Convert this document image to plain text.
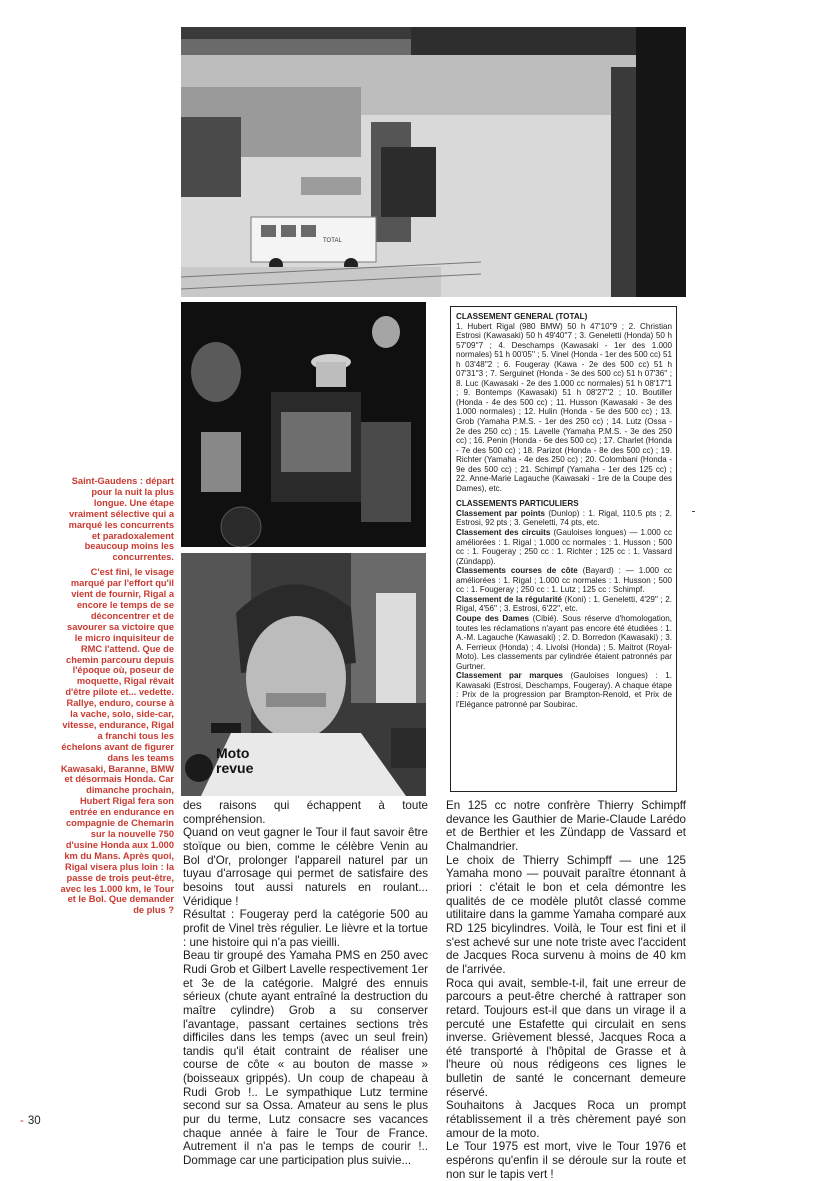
TOTAL
Moto
revue

Saint-Gaudens : départ pour la nuit la plus longue. Une étape vraiment sélective qui a marqué les concurrents et paradoxalement beaucoup moins les concurrentes.

C'est fini, le visage marqué par l'effort qu'il vient de fournir, Rigal a encore le temps de se déconcentrer et de savourer sa victoire que le micro inquisiteur de RMC l'attend. Que de chemin parcouru depuis l'époque où, poseur de moquette, Rigal rêvait d'être pilote et... vedette. Rallye, enduro, course à la vache, solo, side-car, vitesse, endurance, Rigal a franchi tous les échelons avant de figurer dans les teams Kawasaki, Baranne, BMW et désormais Honda. Car dimanche prochain, Hubert Rigal fera son entrée en endurance en compagnie de Chemarin sur la nouvelle 750 d'usine Honda aux 1.000 km du Mans. Après quoi, Rigal visera plus loin : la passe de trois peut-être, avec les 1.000 km, le Tour et le Bol. Que demander de plus ?

CLASSEMENT GENERAL (TOTAL)

1. Hubert Rigal (980 BMW) 50 h 47'10''9 ; 2. Christian Estrosi (Kawasaki) 50 h 49'40''7 ; 3. Geneletti (Honda) 50 h 57'09''7 ; 4. Deschamps (Kawasaki - 1er des 1.000 normales) 51 h 00'05'' ; 5. Vinel (Honda - 1er des 500 cc) 51 h 03'48''2 ; 6. Fougeray (Kawa - 2e des 500 cc) 51 h 07'31''3 ; 7. Serguinet (Honda - 3e des 500 cc) 51 h 07'36'' ; 8. Luc (Kawasaki - 2e des 1.000 cc normales) 51 h 08'17''1 ; 9. Bontemps (Kawasaki) 51 h 08'27''2 ; 10. Boutiller (Honda - 4e des 500 cc) ; 11. Husson (Kawasaki - 3e des 1.000 normales) ; 12. Hulin (Honda - 5e des 500 cc) ; 13. Grob (Yamaha P.M.S. - 1er des 250 cc) ; 14. Lutz (Ossa - 2e des 250 cc) ; 15. Lavelle (Yamaha P.M.S. - 3e des 250 cc) ; 16. Penin (Honda - 6e des 500 cc) ; 17. Charlet (Honda - 7e des 500 cc) ; 18. Parizot (Honda - 8e des 500 cc) ; 19. Richter (Yamaha - 4e des 250 cc) ; 20. Colombani (Honda - 9e des 500 cc) ; 21. Schimpf (Yamaha - 1er des 125 cc) ; 22. Anne-Marie Lagauche (Kawasaki - 1re de la Coupe des Dames), etc.

CLASSEMENTS PARTICULIERS

Classement par points (Dunlop) : 1. Rigal, 110.5 pts ; 2. Estrosi, 92 pts ; 3. Geneletti, 74 pts, etc.

Classement des circuits (Gauloises longues) — 1.000 cc améliorées : 1. Rigal ; 1.000 cc normales : 1. Husson ; 500 cc : 1. Fougeray ; 250 cc : 1. Richter ; 125 cc : 1. Vassard (Zündapp).

Classements courses de côte (Bayard) : — 1.000 cc améliorées : 1. Rigal ; 1.000 cc normales : 1. Husson ; 500 cc : 1. Fougeray ; 250 cc : 1. Lutz ; 125 cc : Schimpf.

Classement de la régularité (Koni) : 1. Geneletti, 4'29'' ; 2. Rigal, 4'56'' ; 3. Estrosi, 6'22'', etc.

Coupe des Dames (Cibié). Sous réserve d'homologation, toutes les réclamations n'ayant pas encore été étudiées : 1. A.-M. Lagauche (Kawasaki) ; 2. D. Borredon (Kawasaki) ; 3. A. Ferrieux (Honda) ; 4. Livolsi (Honda) ; 5. Maitrot (Royal-Moto). Les classements par cylindrée étaient patronnés par Gurtner.

Classement par marques (Gauloises longues) : 1. Kawasaki (Estrosi, Deschamps, Fougeray). A chaque étape : Prix de la progression par Brampton-Renold, et Prix de l'Elégance patronné par Soubirac.

des raisons qui échappent à toute compréhension.

Quand on veut gagner le Tour il faut savoir être stoïque ou bien, comme le célèbre Venin au Bol d'Or, prolonger l'appareil naturel par un tuyau d'arrosage qui permet de satisfaire des besoins tout aussi naturels en roulant... Véridique !

Résultat : Fougeray perd la catégorie 500 au profit de Vinel très régulier. Le lièvre et la tortue : une histoire qui n'a pas vieilli.

Beau tir groupé des Yamaha PMS en 250 avec Rudi Grob et Gilbert Lavelle respectivement 1er et 3e de la catégorie. Malgré des ennuis sérieux (chute ayant entraîné la destruction du maître cylindre) Grob a su conserver l'avantage, passant certaines sections très difficiles dans les temps (avec un seul frein) tandis qu'il était contraint de réaliser une course de côte « au bouton de masse » (boisseaux grippés). Un coup de chapeau à Rudi Grob !.. Le sympathique Lutz termine second sur sa Ossa. Amateur au sens le plus pur du terme, Lutz consacre ses vacances chaque année à faire le Tour de France. Autrement il n'a pas le temps de courir !.. Dommage car une participation plus suivie...

En 125 cc notre confrère Thierry Schimpff devance les Gauthier de Marie-Claude Larédo et de Berthier et les Zündapp de Vassard et Chalmandrier.

Le choix de Thierry Schimpff — une 125 Yamaha mono — pouvait paraître étonnant à priori : c'était le bon et cela démontre les qualités de ce modèle plutôt classé comme utilitaire dans la gamme Yamaha comparé aux RD 125 bicylindres. Voilà, le Tour est fini et il s'est achevé sur une note triste avec l'accident de Jacques Roca survenu à moins de 40 km de l'arrivée.

Roca qui avait, semble-t-il, fait une erreur de parcours a peut-être cherché à rattraper son retard. Toujours est-il que dans un virage il a percuté une Estafette qui circulait en sens inverse. Grièvement blessé, Jacques Roca a été transporté à l'hôpital de Grasse et à l'heure où nous rédigeons ces lignes le bulletin de santé le concernant demeure réservé.

Souhaitons à Jacques Roca un prompt rétablissement il a très chèrement payé son amour de la moto.

Le Tour 1975 est mort, vive le Tour 1976 et espérons qu'enfin il se déroule sur la route et non sur le tapis vert !

‐ 30
